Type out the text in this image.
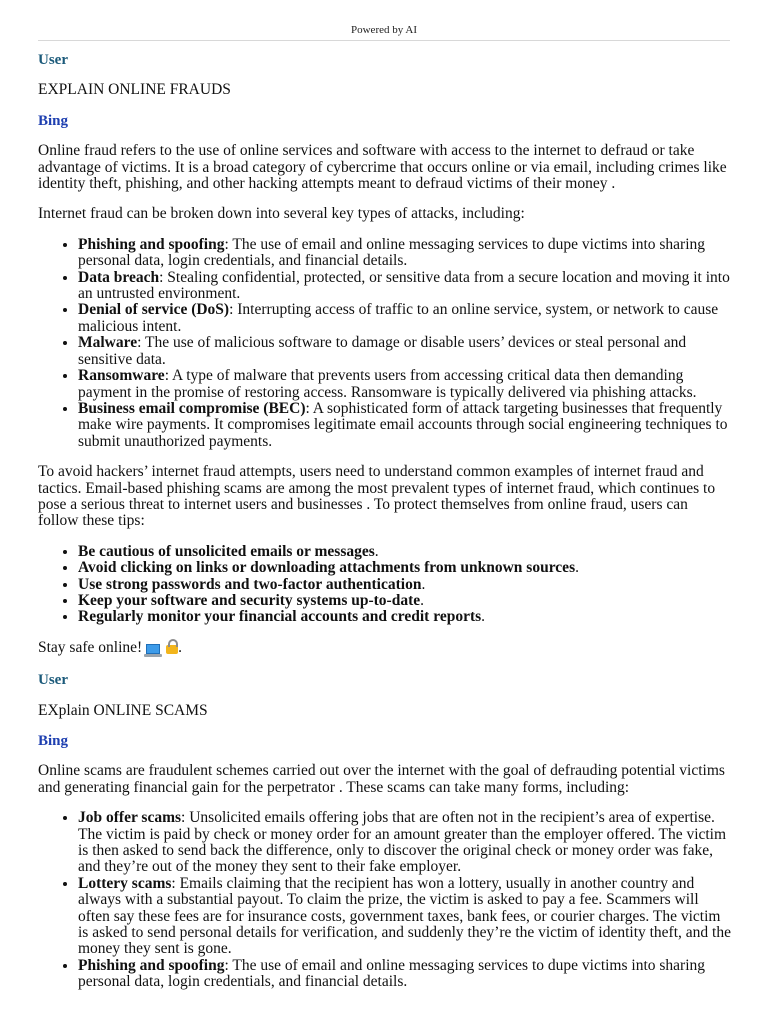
Powered by AI
User

EXPLAIN ONLINE FRAUDS

Bing

Online fraud refers to the use of online services and software with access to the internet to defraud or take advantage of victims. It is a broad category of cybercrime that occurs online or via email, including crimes like identity theft, phishing, and other hacking attempts meant to defraud victims of their money .

Internet fraud can be broken down into several key types of attacks, including:

• Phishing and spoofing: The use of email and online messaging services to dupe victims into sharing personal data, login credentials, and financial details.
• Data breach: Stealing confidential, protected, or sensitive data from a secure location and moving it into an untrusted environment.
• Denial of service (DoS): Interrupting access of traffic to an online service, system, or network to cause malicious intent.
• Malware: The use of malicious software to damage or disable users’ devices or steal personal and sensitive data.
• Ransomware: A type of malware that prevents users from accessing critical data then demanding payment in the promise of restoring access. Ransomware is typically delivered via phishing attacks.
• Business email compromise (BEC): A sophisticated form of attack targeting businesses that frequently make wire payments. It compromises legitimate email accounts through social engineering techniques to submit unauthorized payments.

To avoid hackers’ internet fraud attempts, users need to understand common examples of internet fraud and tactics. Email-based phishing scams are among the most prevalent types of internet fraud, which continues to pose a serious threat to internet users and businesses . To protect themselves from online fraud, users can follow these tips:

• Be cautious of unsolicited emails or messages.
• Avoid clicking on links or downloading attachments from unknown sources.
• Use strong passwords and two-factor authentication.
• Keep your software and security systems up-to-date.
• Regularly monitor your financial accounts and credit reports.

Stay safe online! .

User

EXplain ONLINE SCAMS

Bing

Online scams are fraudulent schemes carried out over the internet with the goal of defrauding potential victims and generating financial gain for the perpetrator . These scams can take many forms, including:

• Job offer scams: Unsolicited emails offering jobs that are often not in the recipient’s area of expertise. The victim is paid by check or money order for an amount greater than the employer offered. The victim is then asked to send back the difference, only to discover the original check or money order was fake, and they’re out of the money they sent to their fake employer.
• Lottery scams: Emails claiming that the recipient has won a lottery, usually in another country and always with a substantial payout. To claim the prize, the victim is asked to pay a fee. Scammers will often say these fees are for insurance costs, government taxes, bank fees, or courier charges. The victim is asked to send personal details for verification, and suddenly they’re the victim of identity theft, and the money they sent is gone.
• Phishing and spoofing: The use of email and online messaging services to dupe victims into sharing personal data, login credentials, and financial details.
